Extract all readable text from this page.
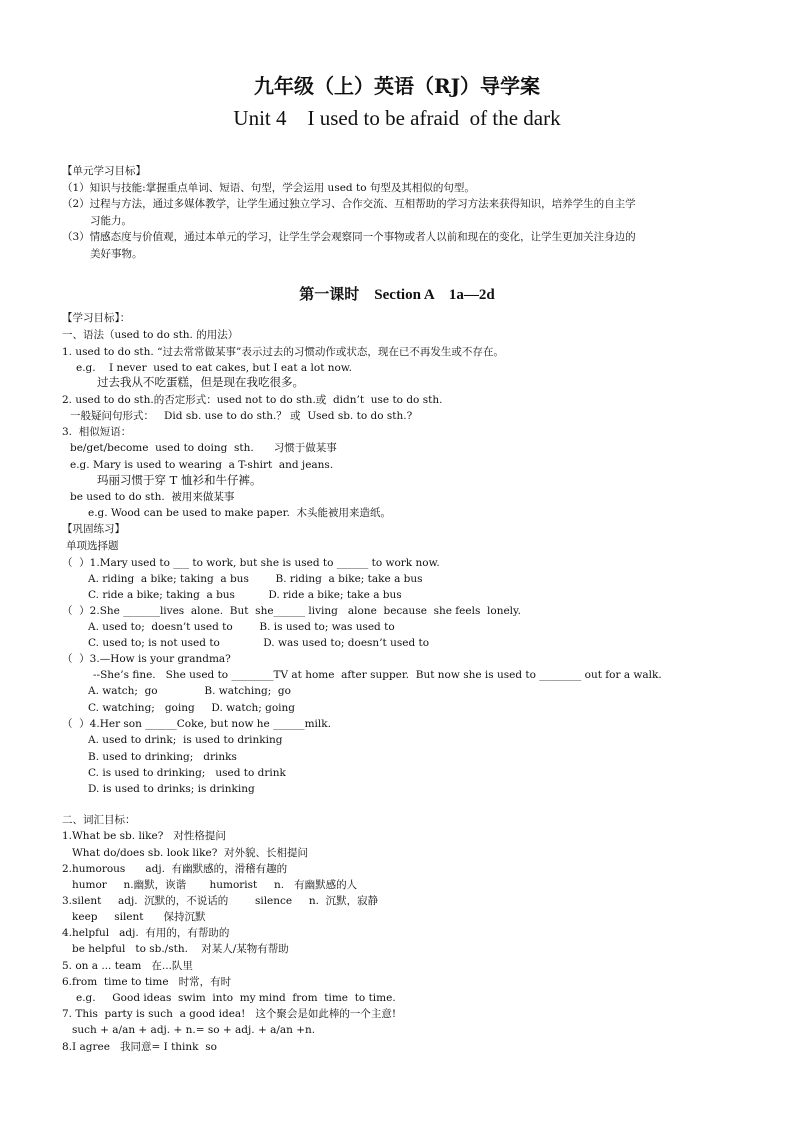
九年级（上）英语（RJ）导学案
Unit 4    I used to be afraid  of the dark
【单元学习目标】
（1）知识与技能:掌握重点单词、短语、句型，学会运用 used to 句型及其相似的句型。
（2）过程与方法，通过多媒体教学，让学生通过独立学习、合作交流、互相帮助的学习方法来获得知识，培养学生的自主学
习能力。
（3）情感态度与价值观，通过本单元的学习，让学生学会观察同一个事物或者人以前和现在的变化，让学生更加关注身边的
美好事物。
第一课时    Section A    1a—2d
【学习目标】：
一、语法（used to do sth. 的用法）
1. used to do sth. “过去常常做某事”表示过去的习惯动作或状态，现在已不再发生或不存在。
e.g.    I never  used to eat cakes, but I eat a lot now.
过去我从不吃蛋糕，但是现在我吃很多。
2. used to do sth.的否定形式：used not to do sth.或  didn’t  use to do sth.
一般疑问句形式：   Did sb. use to do sth.？ 或  Used sb. to do sth.?
3.  相似短语：
be/get/become  used to doing  sth.      习惯于做某事
e.g. Mary is used to wearing  a T-shirt  and jeans.
玛丽习惯于穿 T 恤衫和牛仔裤。
be used to do sth.  被用来做某事
e.g. Wood can be used to make paper.  木头能被用来造纸。
【巩固练习】
单项选择题
（  ）1.Mary used to ___ to work, but she is used to ______ to work now.
A. riding  a bike; taking  a bus        B. riding  a bike; take a bus
C. ride a bike; taking  a bus          D. ride a bike; take a bus
（  ）2.She _______lives  alone.  But  she______ living   alone  because  she feels  lonely.
A. used to;  doesn’t used to        B. is used to; was used to
C. used to; is not used to             D. was used to; doesn’t used to
（  ）3.—How is your grandma?
--She’s fine.   She used to ________TV at home  after supper.  But now she is used to ________ out for a walk.
A. watch;  go              B. watching;  go
C. watching;   going     D. watch; going
（  ）4.Her son ______Coke, but now he ______milk.
A. used to drink;  is used to drinking
B. used to drinking;   drinks
C. is used to drinking;   used to drink
D. is used to drinks; is drinking
二、词汇目标：
1.What be sb. like?   对性格提问
What do/does sb. look like?  对外貌、长相提问
2.humorous      adj.  有幽默感的，滑稽有趣的
humor     n.幽默，诙谐       humorist     n.   有幽默感的人
3.silent     adj.  沉默的，不说话的        silence     n.  沉默，寂静
keep     silent      保持沉默
4.helpful   adj.  有用的，有帮助的
be helpful   to sb./sth.    对某人/某物有帮助
5. on a ... team   在...队里
6.from  time to time   时常，有时
e.g.     Good ideas  swim  into  my mind  from  time  to time.
7. This  party is such  a good idea!   这个聚会是如此棒的一个主意!
such + a/an + adj. + n.= so + adj. + a/an +n.
8.I agree   我同意= I think  so
